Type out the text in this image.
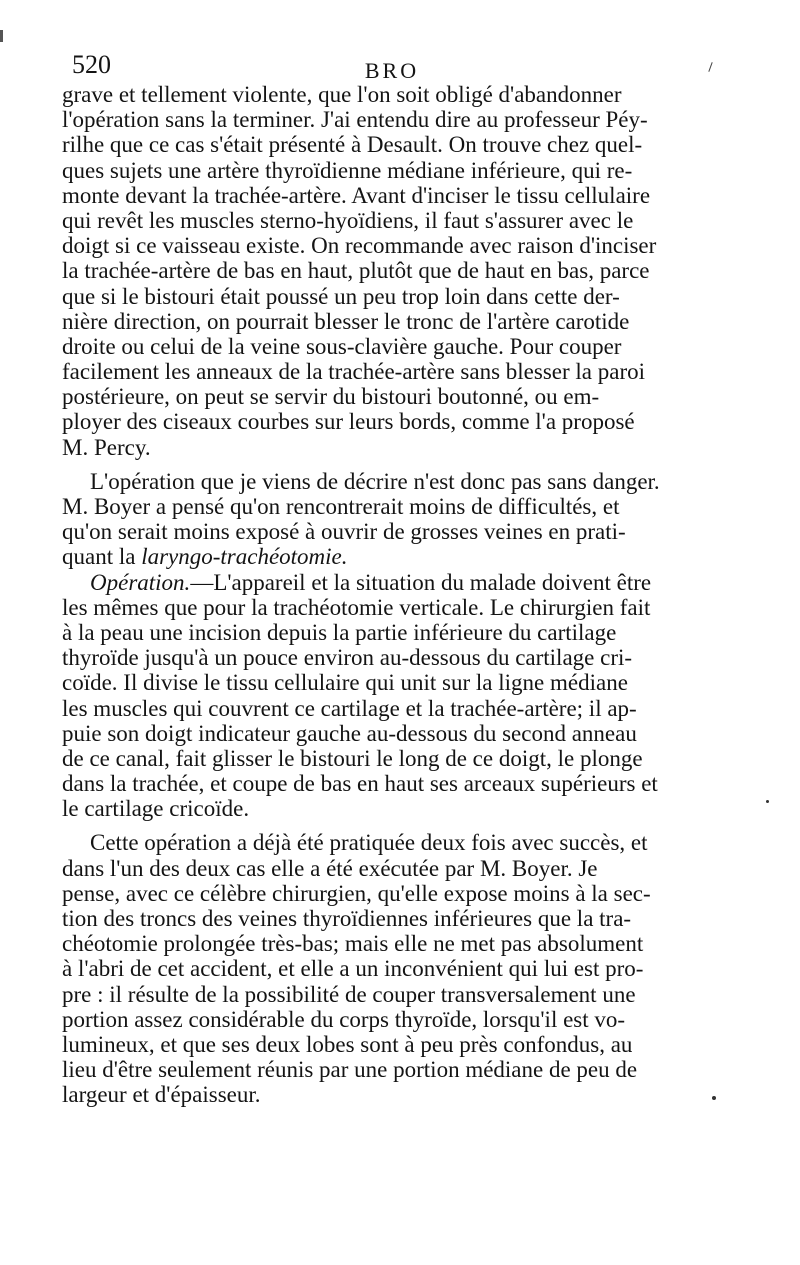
520	BRO
grave et tellement violente, que l'on soit obligé d'abandonner
l'opération sans la terminer. J'ai entendu dire au professeur Péy-
rilhe que ce cas s'était présenté à Desault. On trouve chez quel-
ques sujets une artère thyroïdienne médiane inférieure, qui re-
monte devant la trachée-artère. Avant d'inciser le tissu cellulaire
qui revêt les muscles sterno-hyoïdiens, il faut s'assurer avec le
doigt si ce vaisseau existe. On recommande avec raison d'inciser
la trachée-artère de bas en haut, plutôt que de haut en bas, parce
que si le bistouri était poussé un peu trop loin dans cette der-
nière direction, on pourrait blesser le tronc de l'artère carotide
droite ou celui de la veine sous-clavière gauche. Pour couper
facilement les anneaux de la trachée-artère sans blesser la paroi
postérieure, on peut se servir du bistouri boutonné, ou em-
ployer des ciseaux courbes sur leurs bords, comme l'a proposé
M. Percy.
L'opération que je viens de décrire n'est donc pas sans danger.
M. Boyer a pensé qu'on rencontrerait moins de difficultés, et
qu'on serait moins exposé à ouvrir de grosses veines en prati-
quant la laryngo-trachéotomie.
Opération.—L'appareil et la situation du malade doivent être
les mêmes que pour la trachéotomie verticale. Le chirurgien fait
à la peau une incision depuis la partie inférieure du cartilage
thyroïde jusqu'à un pouce environ au-dessous du cartilage cri-
coïde. Il divise le tissu cellulaire qui unit sur la ligne médiane
les muscles qui couvrent ce cartilage et la trachée-artère; il ap-
puie son doigt indicateur gauche au-dessous du second anneau
de ce canal, fait glisser le bistouri le long de ce doigt, le plonge
dans la trachée, et coupe de bas en haut ses arceaux supérieurs et
le cartilage cricoïde.
Cette opération a déjà été pratiquée deux fois avec succès, et
dans l'un des deux cas elle a été exécutée par M. Boyer. Je
pense, avec ce célèbre chirurgien, qu'elle expose moins à la sec-
tion des troncs des veines thyroïdiennes inférieures que la tra-
chéotomie prolongée très-bas; mais elle ne met pas absolument
à l'abri de cet accident, et elle a un inconvénient qui lui est pro-
pre : il résulte de la possibilité de couper transversalement une
portion assez considérable du corps thyroïde, lorsqu'il est vo-
lumineux, et que ses deux lobes sont à peu près confondus, au
lieu d'être seulement réunis par une portion médiane de peu de
largeur et d'épaisseur.
